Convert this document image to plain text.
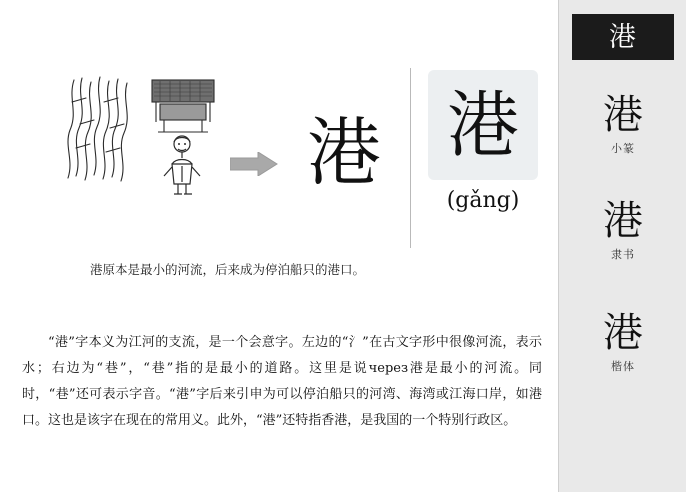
港 港
(gǎng)
港原本是最小的河流，后来成为停泊船只的港口。
“港”字本义为江河的支流，是一个会意字。左边的“氵”在古文字形中很像河流，表示水；右边为“巷”，“巷”指的是最小的道路。这里是说через港是最小的河流。同时，“巷”还可表示字音。“港”字后来引申为可以停泊船只的河湾、海湾或江海口岸，如港口。这也是该字在现在的常用义。此外，“港”还特指香港，是我国的一个特别行政区。
港
港
小篆
港
隶书
港
楷体
